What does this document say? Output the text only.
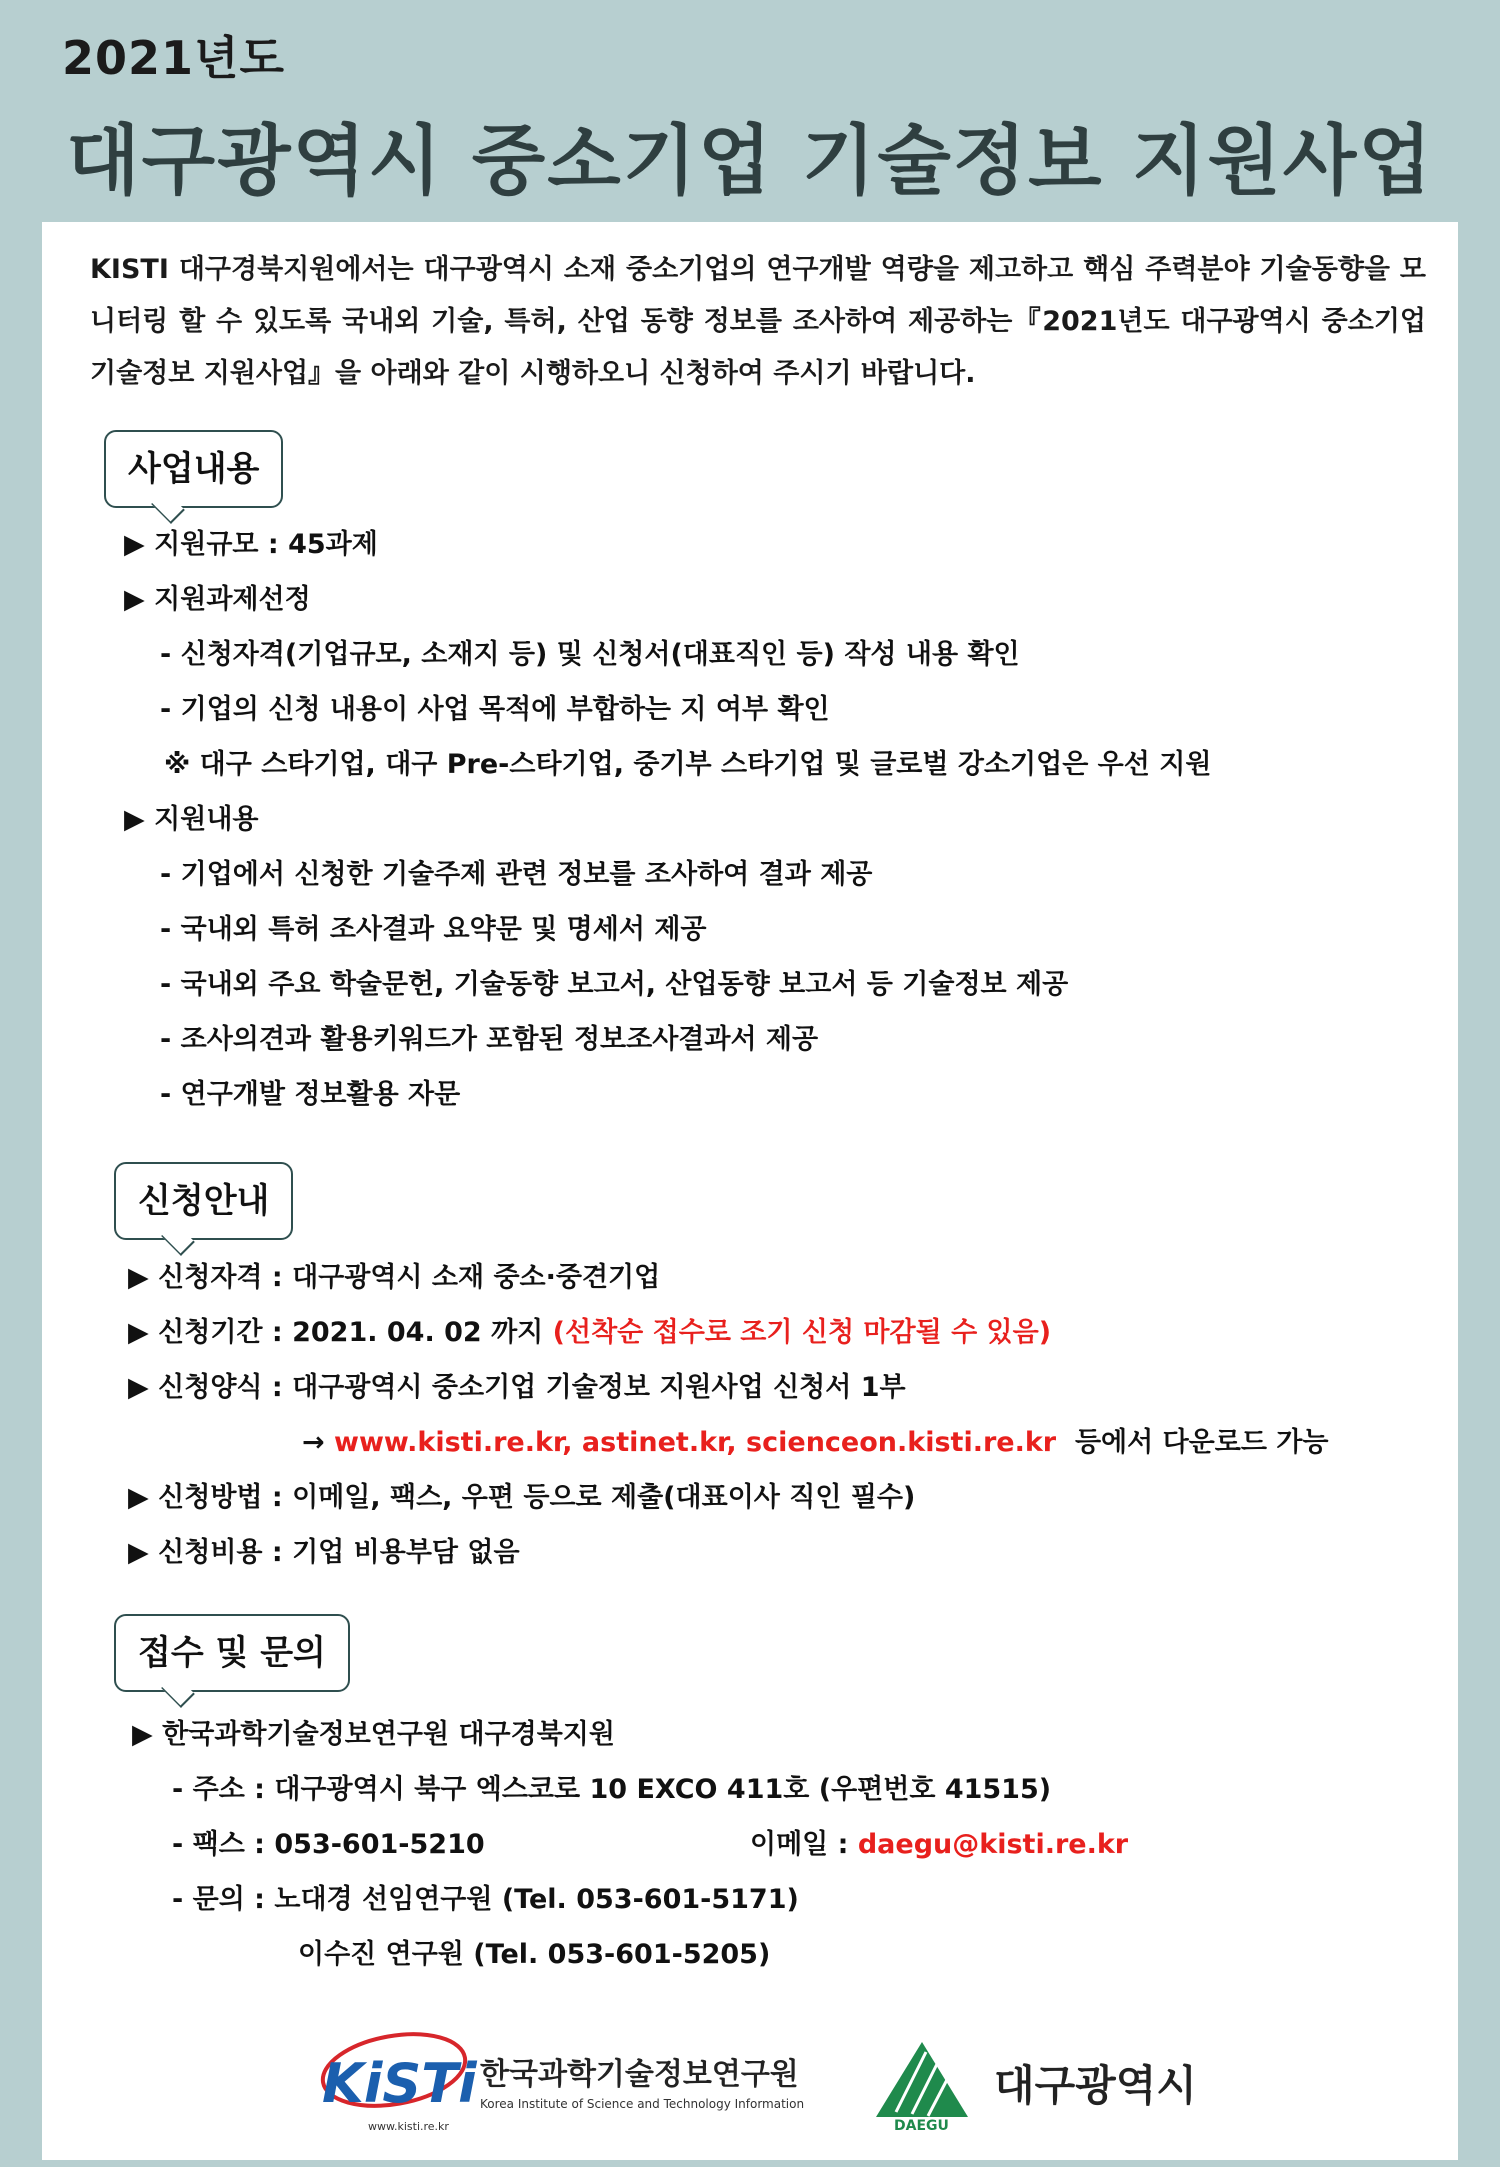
2021년도
대구광역시 중소기업 기술정보 지원사업
KISTI 대구경북지원에서는 대구광역시 소재 중소기업의 연구개발 역량을 제고하고 핵심 주력분야 기술동향을 모니터링 할 수 있도록 국내외 기술, 특허, 산업 동향 정보를 조사하여 제공하는『2021년도 대구광역시 중소기업 기술정보 지원사업』을 아래와 같이 시행하오니 신청하여 주시기 바랍니다.
사업내용
▶ 지원규모 : 45과제
▶ 지원과제선정
- 신청자격(기업규모, 소재지 등) 및 신청서(대표직인 등) 작성 내용 확인
- 기업의 신청 내용이 사업 목적에 부합하는 지 여부 확인
※ 대구 스타기업, 대구 Pre-스타기업, 중기부 스타기업 및 글로벌 강소기업은 우선 지원
▶ 지원내용
- 기업에서 신청한 기술주제 관련 정보를 조사하여 결과 제공
- 국내외 특허 조사결과 요약문 및 명세서 제공
- 국내외 주요 학술문헌, 기술동향 보고서, 산업동향 보고서 등 기술정보 제공
- 조사의견과 활용키워드가 포함된 정보조사결과서 제공
- 연구개발 정보활용 자문
신청안내
▶ 신청자격 : 대구광역시 소재 중소·중견기업
▶ 신청기간 : 2021. 04. 02 까지 (선착순 접수로 조기 신청 마감될 수 있음)
▶ 신청양식 : 대구광역시 중소기업 기술정보 지원사업 신청서 1부
→ www.kisti.re.kr, astinet.kr, scienceon.kisti.re.kr 등에서 다운로드 가능
▶ 신청방법 : 이메일, 팩스, 우편 등으로 제출(대표이사 직인 필수)
▶ 신청비용 : 기업 비용부담 없음
접수 및 문의
▶ 한국과학기술정보연구원 대구경북지원
- 주소 : 대구광역시 북구 엑스코로 10 EXCO 411호 (우편번호 41515)
- 팩스 : 053-601-5210	이메일 : daegu@kisti.re.kr
- 문의 : 노대경 선임연구원 (Tel. 053-601-5171)
이수진 연구원 (Tel. 053-601-5205)
KiSTi
www.kisti.re.kr
한국과학기술정보연구원
Korea Institute of Science and Technology Information
DAEGU
대구광역시
